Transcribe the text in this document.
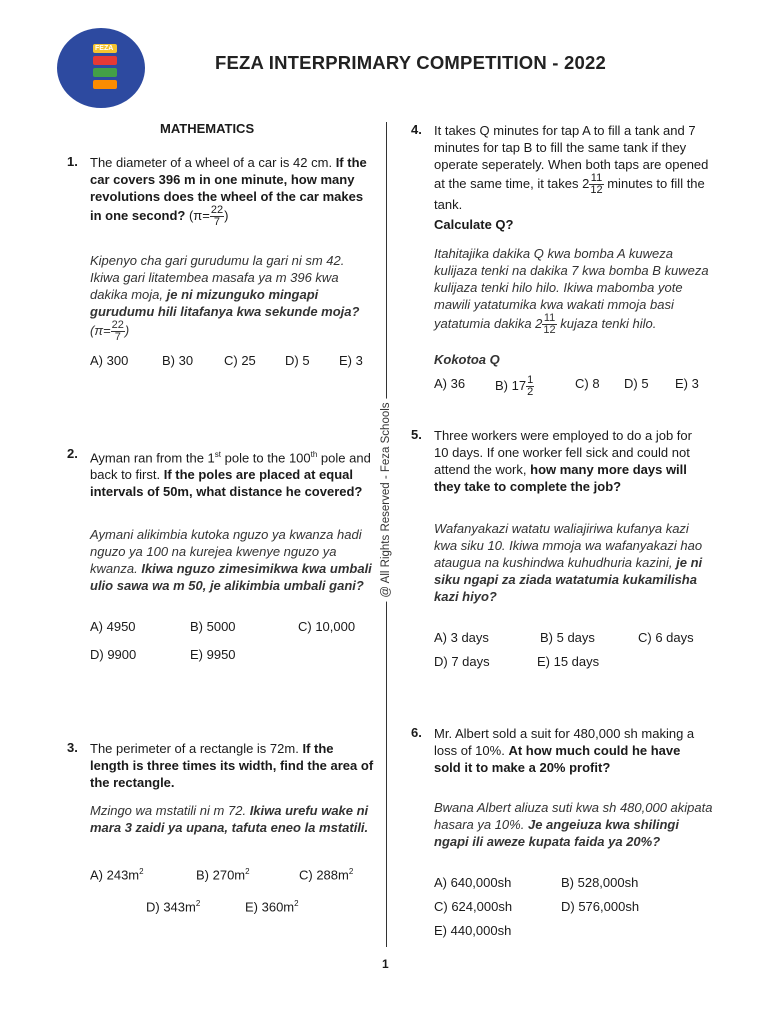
FEZA
FEZA INTERPRIMARY COMPETITION - 2022
MATHEMATICS
@ All Rights Reserved - Feza Schools
1. The diameter of a wheel of a car is 42 cm. If the car covers 396 m in one minute, how many revolutions does the wheel of the car makes in one second? ($\pi= \frac{22}{7}$ )
Kipenyo cha gari gurudumu la gari ni sm 42. Ikiwa gari litatembea masafa ya m 396 kwa dakika moja, je ni mizunguko mingapi gurudumu hili litafanya kwa sekunde moja? ($\pi= \frac{22}{7}$ )
A) 300	B) 30 C) 25 D) 5 E) 3
2. Ayman ran from the 1st pole to the 100th pole and back to first. If the poles are placed at equal intervals of 50m, what distance he covered?
Aymani alikimbia kutoka nguzo ya kwanza hadi nguzo ya 100 na kurejea kwenye nguzo ya kwanza. Ikiwa nguzo zimesimikwa kwa umbali ulio sawa wa m 50, je alikimbia umbali gani?
A) 4950	B) 5000	C) 10,000
D) 9900	E) 9950
3. The perimeter of a rectangle is 72m. If the length is three times its width, find the area of the rectangle.
Mzingo wa mstatili ni m 72. Ikiwa urefu wake ni mara 3 zaidi ya upana, tafuta eneo la mstatili.
A) $243m^2$	B) $270m^2$	C) $288m^2$
D) $343m^2$	E) $360m^2$
4. It takes Q minutes for tap A to fill a tank and 7 minutes for tap B to fill the same tank if they operate seperately. When both taps are opened at the same time, it takes $2 \frac{11}{12}$ minutes to fill the tank.
Calculate Q?
Itahitajika dakika Q kwa bomba A kuweza kulijaza tenki na dakika 7 kwa bomba B kuweza kulijaza tenki hilo hilo. Ikiwa mabomba yote mawili yatatumika kwa wakati mmoja basi yatatumia dakika $2 \frac{11}{12}$ kujaza tenki hilo.
Kokotoa Q
A) 36 B) $17 \frac{1}{2}$	C) 8 D) 5 E) 3
5. Three workers were employed to do a job for 10 days. If one worker fell sick and could not attend the work, how many more days will they take to complete the job?
Wafanyakazi watatu waliajiriwa kufanya kazi kwa siku 10. Ikiwa mmoja wa wafanyakazi hao ataugua na kushindwa kuhudhuria kazini, je ni siku ngapi za ziada watatumia kukamilisha kazi hiyo?
A) 3 days	B) 5 days	C) 6 days
D) 7 days	E) 15 days
6. Mr. Albert sold a suit for 480,000 sh making a loss of 10%. At how much could he have sold it to make a 20% profit?
Bwana Albert aliuza suti kwa sh 480,000 akipata hasara ya 10%. Je angeiuza kwa shilingi ngapi ili aweze kupata faida ya 20%?
A) 640,000sh	B) 528,000sh
C) 624,000sh	D) 576,000sh
E) 440,000sh
1
